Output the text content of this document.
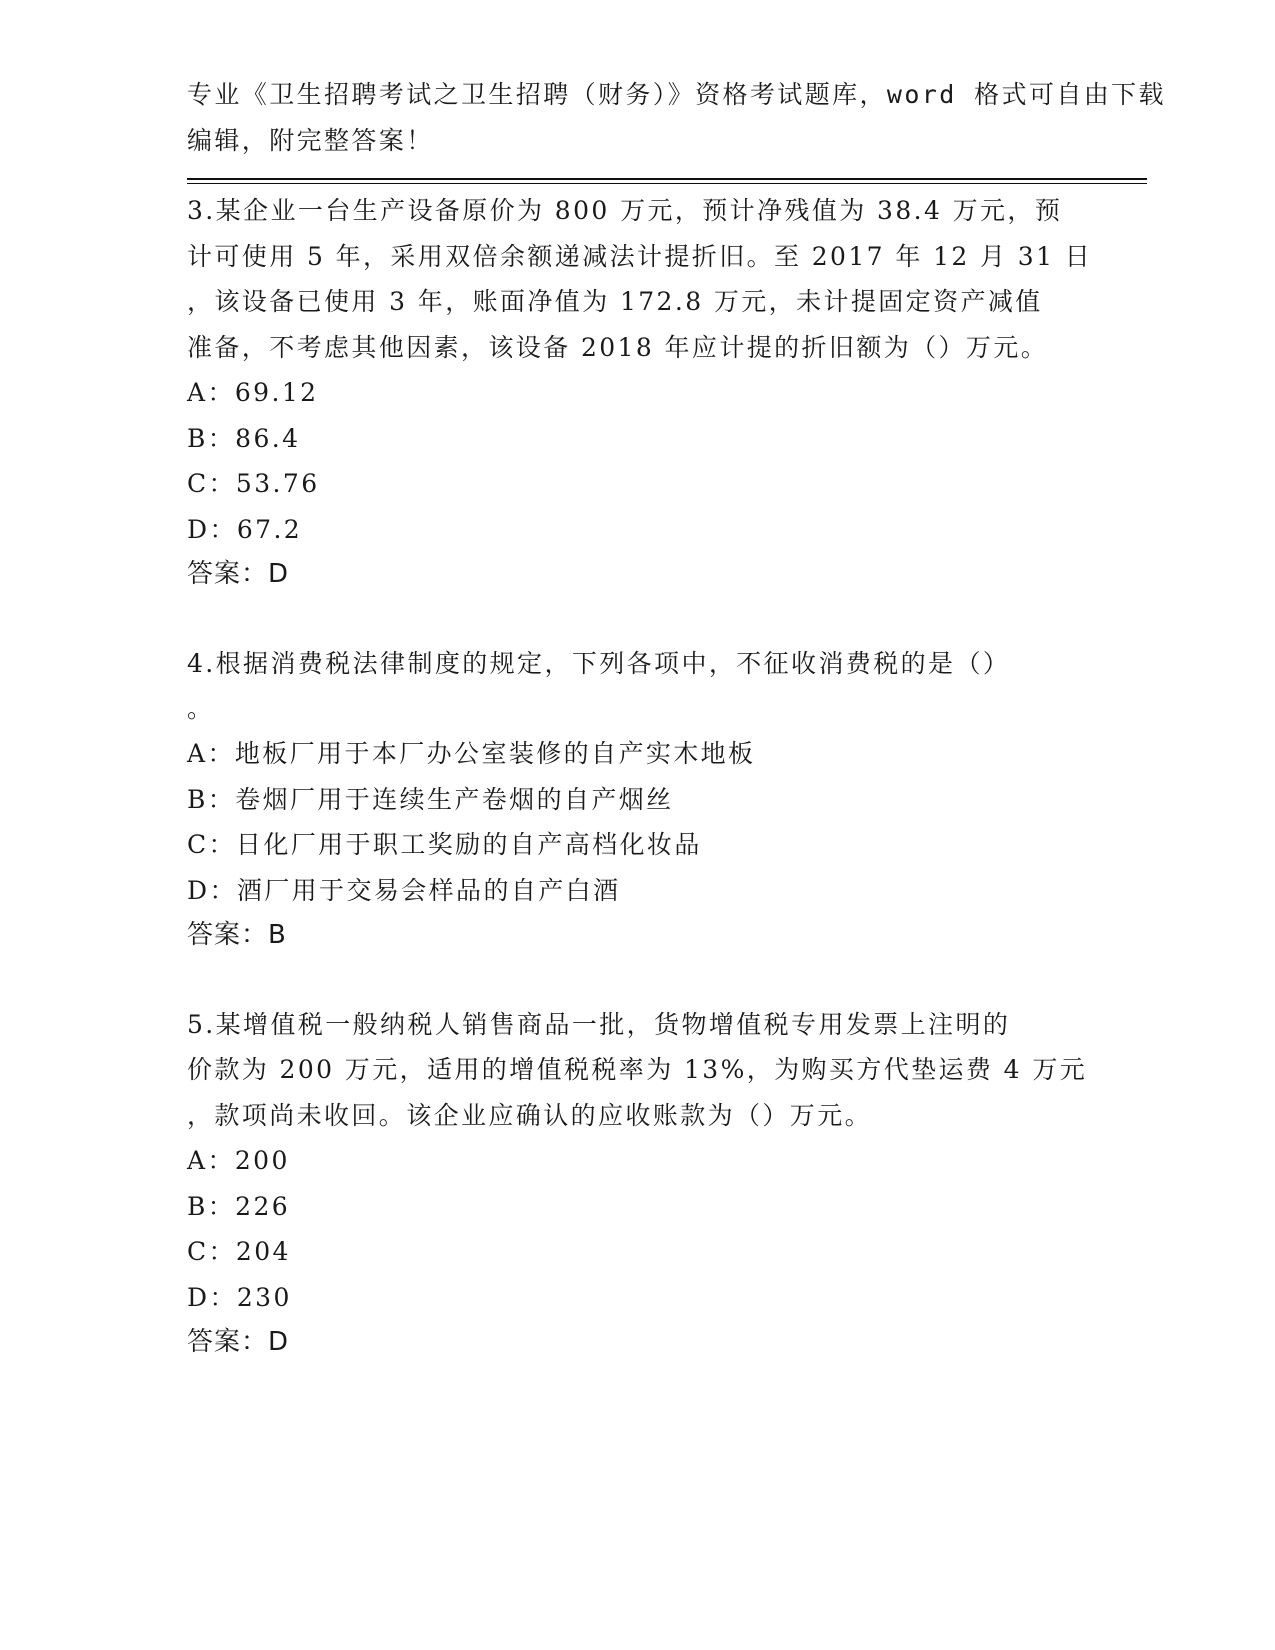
专业《卫生招聘考试之卫生招聘（财务）》资格考试题库，word 格式可自由下载
编辑，附完整答案！
3.某企业一台生产设备原价为 800 万元，预计净残值为 38.4 万元，预
计可使用 5 年，采用双倍余额递减法计提折旧。至 2017 年 12 月 31 日
，该设备已使用 3 年，账面净值为 172.8 万元，未计提固定资产减值
准备，不考虑其他因素，该设备 2018 年应计提的折旧额为（）万元。
A：69.12
B：86.4
C：53.76
D：67.2
答案：D
4.根据消费税法律制度的规定，下列各项中，不征收消费税的是（）
。
A：地板厂用于本厂办公室装修的自产实木地板
B：卷烟厂用于连续生产卷烟的自产烟丝
C：日化厂用于职工奖励的自产高档化妆品
D：酒厂用于交易会样品的自产白酒
答案：B
5.某增值税一般纳税人销售商品一批，货物增值税专用发票上注明的
价款为 200 万元，适用的增值税税率为 13%，为购买方代垫运费 4 万元
，款项尚未收回。该企业应确认的应收账款为（）万元。
A：200
B：226
C：204
D：230
答案：D
